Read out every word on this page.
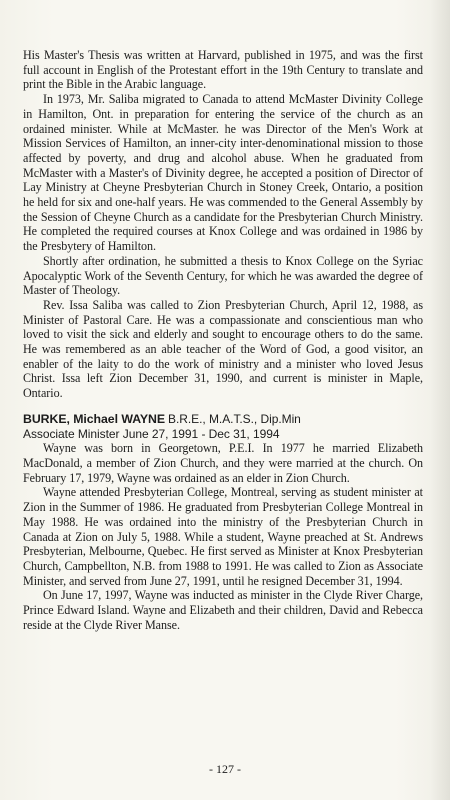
His Master's Thesis was written at Harvard, published in 1975, and was the first full account in English of the Protestant effort in the 19th Century to translate and print the Bible in the Arabic language.

In 1973, Mr. Saliba migrated to Canada to attend McMaster Divinity College in Hamilton, Ont. in preparation for entering the service of the church as an ordained minister. While at McMaster. he was Director of the Men's Work at Mission Services of Hamilton, an inner-city inter-denominational mission to those affected by poverty, and drug and alcohol abuse. When he graduated from McMaster with a Master's of Divinity degree, he accepted a position of Director of Lay Ministry at Cheyne Presbyterian Church in Stoney Creek, Ontario, a position he held for six and one-half years. He was commended to the General Assembly by the Session of Cheyne Church as a candidate for the Presbyterian Church Ministry. He completed the required courses at Knox College and was ordained in 1986 by the Presbytery of Hamilton.

Shortly after ordination, he submitted a thesis to Knox College on the Syriac Apocalyptic Work of the Seventh Century, for which he was awarded the degree of Master of Theology.

Rev. Issa Saliba was called to Zion Presbyterian Church, April 12, 1988, as Minister of Pastoral Care. He was a compassionate and conscientious man who loved to visit the sick and elderly and sought to encourage others to do the same. He was remembered as an able teacher of the Word of God, a good visitor, an enabler of the laity to do the work of ministry and a minister who loved Jesus Christ. Issa left Zion December 31, 1990, and current is minister in Maple, Ontario.

BURKE, Michael WAYNE B.R.E., M.A.T.S., Dip.Min

Associate Minister June 27, 1991 - Dec 31, 1994

Wayne was born in Georgetown, P.E.I. In 1977 he married Elizabeth MacDonald, a member of Zion Church, and they were married at the church. On February 17, 1979, Wayne was ordained as an elder in Zion Church.

Wayne attended Presbyterian College, Montreal, serving as student minister at Zion in the Summer of 1986. He graduated from Presbyterian College Montreal in May 1988. He was ordained into the ministry of the Presbyterian Church in Canada at Zion on July 5, 1988. While a student, Wayne preached at St. Andrews Presbyterian, Melbourne, Quebec. He first served as Minister at Knox Presbyterian Church, Campbellton, N.B. from 1988 to 1991. He was called to Zion as Associate Minister, and served from June 27, 1991, until he resigned December 31, 1994.

On June 17, 1997, Wayne was inducted as minister in the Clyde River Charge, Prince Edward Island. Wayne and Elizabeth and their children, David and Rebecca reside at the Clyde River Manse.

- 127 -
